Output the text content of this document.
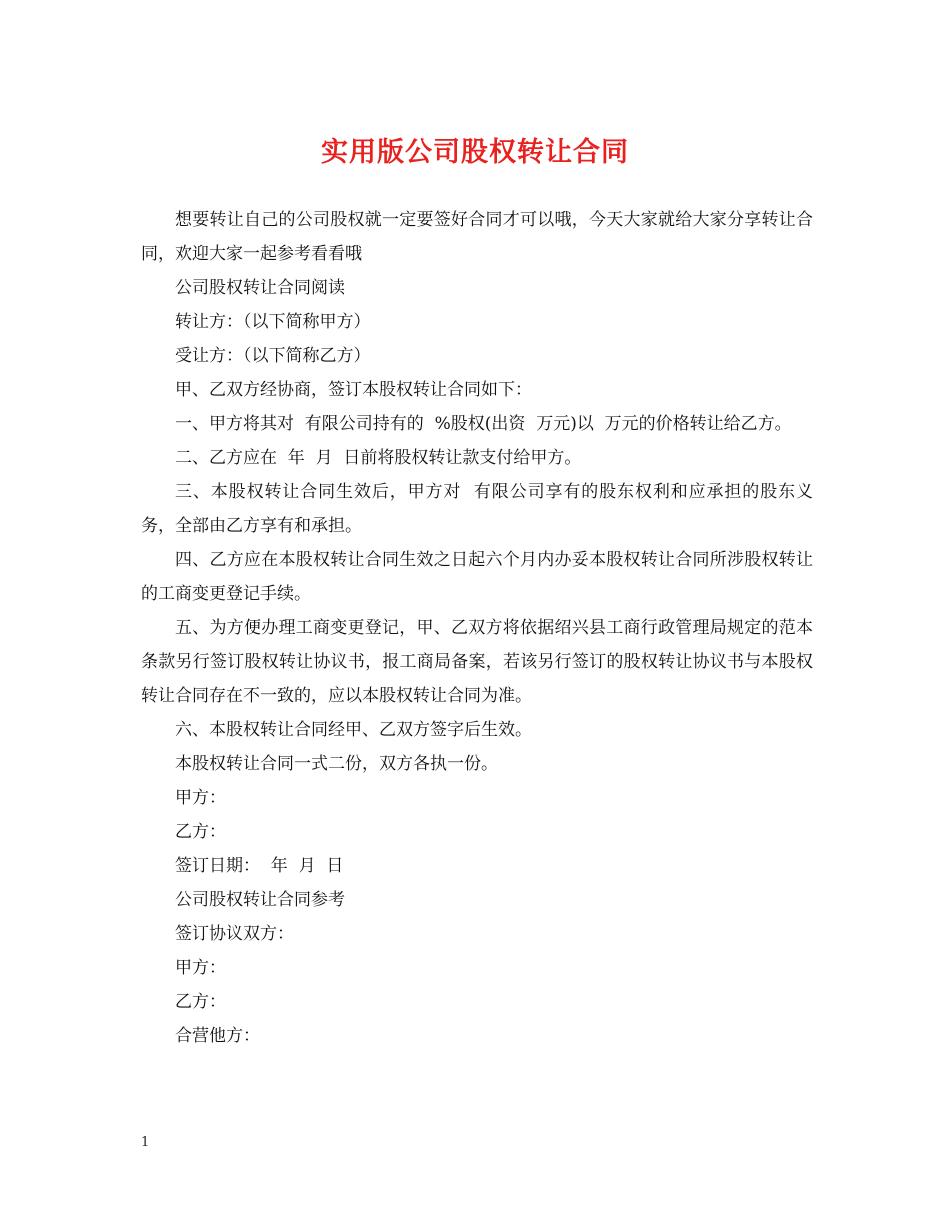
实用版公司股权转让合同

想要转让自己的公司股权就一定要签好合同才可以哦，今天大家就给大家分享转让合同，欢迎大家一起参考看看哦

公司股权转让合同阅读

转让方：（以下简称甲方）

受让方：（以下简称乙方）

甲、乙双方经协商，签订本股权转让合同如下：

一、甲方将其对  有限公司持有的  %股权(出资  万元)以  万元的价格转让给乙方。

二、乙方应在  年  月  日前将股权转让款支付给甲方。

三、本股权转让合同生效后，甲方对  有限公司享有的股东权利和应承担的股东义务，全部由乙方享有和承担。

四、乙方应在本股权转让合同生效之日起六个月内办妥本股权转让合同所涉股权转让的工商变更登记手续。

五、为方便办理工商变更登记，甲、乙双方将依据绍兴县工商行政管理局规定的范本条款另行签订股权转让协议书，报工商局备案，若该另行签订的股权转让协议书与本股权转让合同存在不一致的，应以本股权转让合同为准。

六、本股权转让合同经甲、乙双方签字后生效。

本股权转让合同一式二份，双方各执一份。

甲方：

乙方：

签订日期：  年  月  日

公司股权转让合同参考

签订协议双方：

甲方：

乙方：

合营他方：

1
